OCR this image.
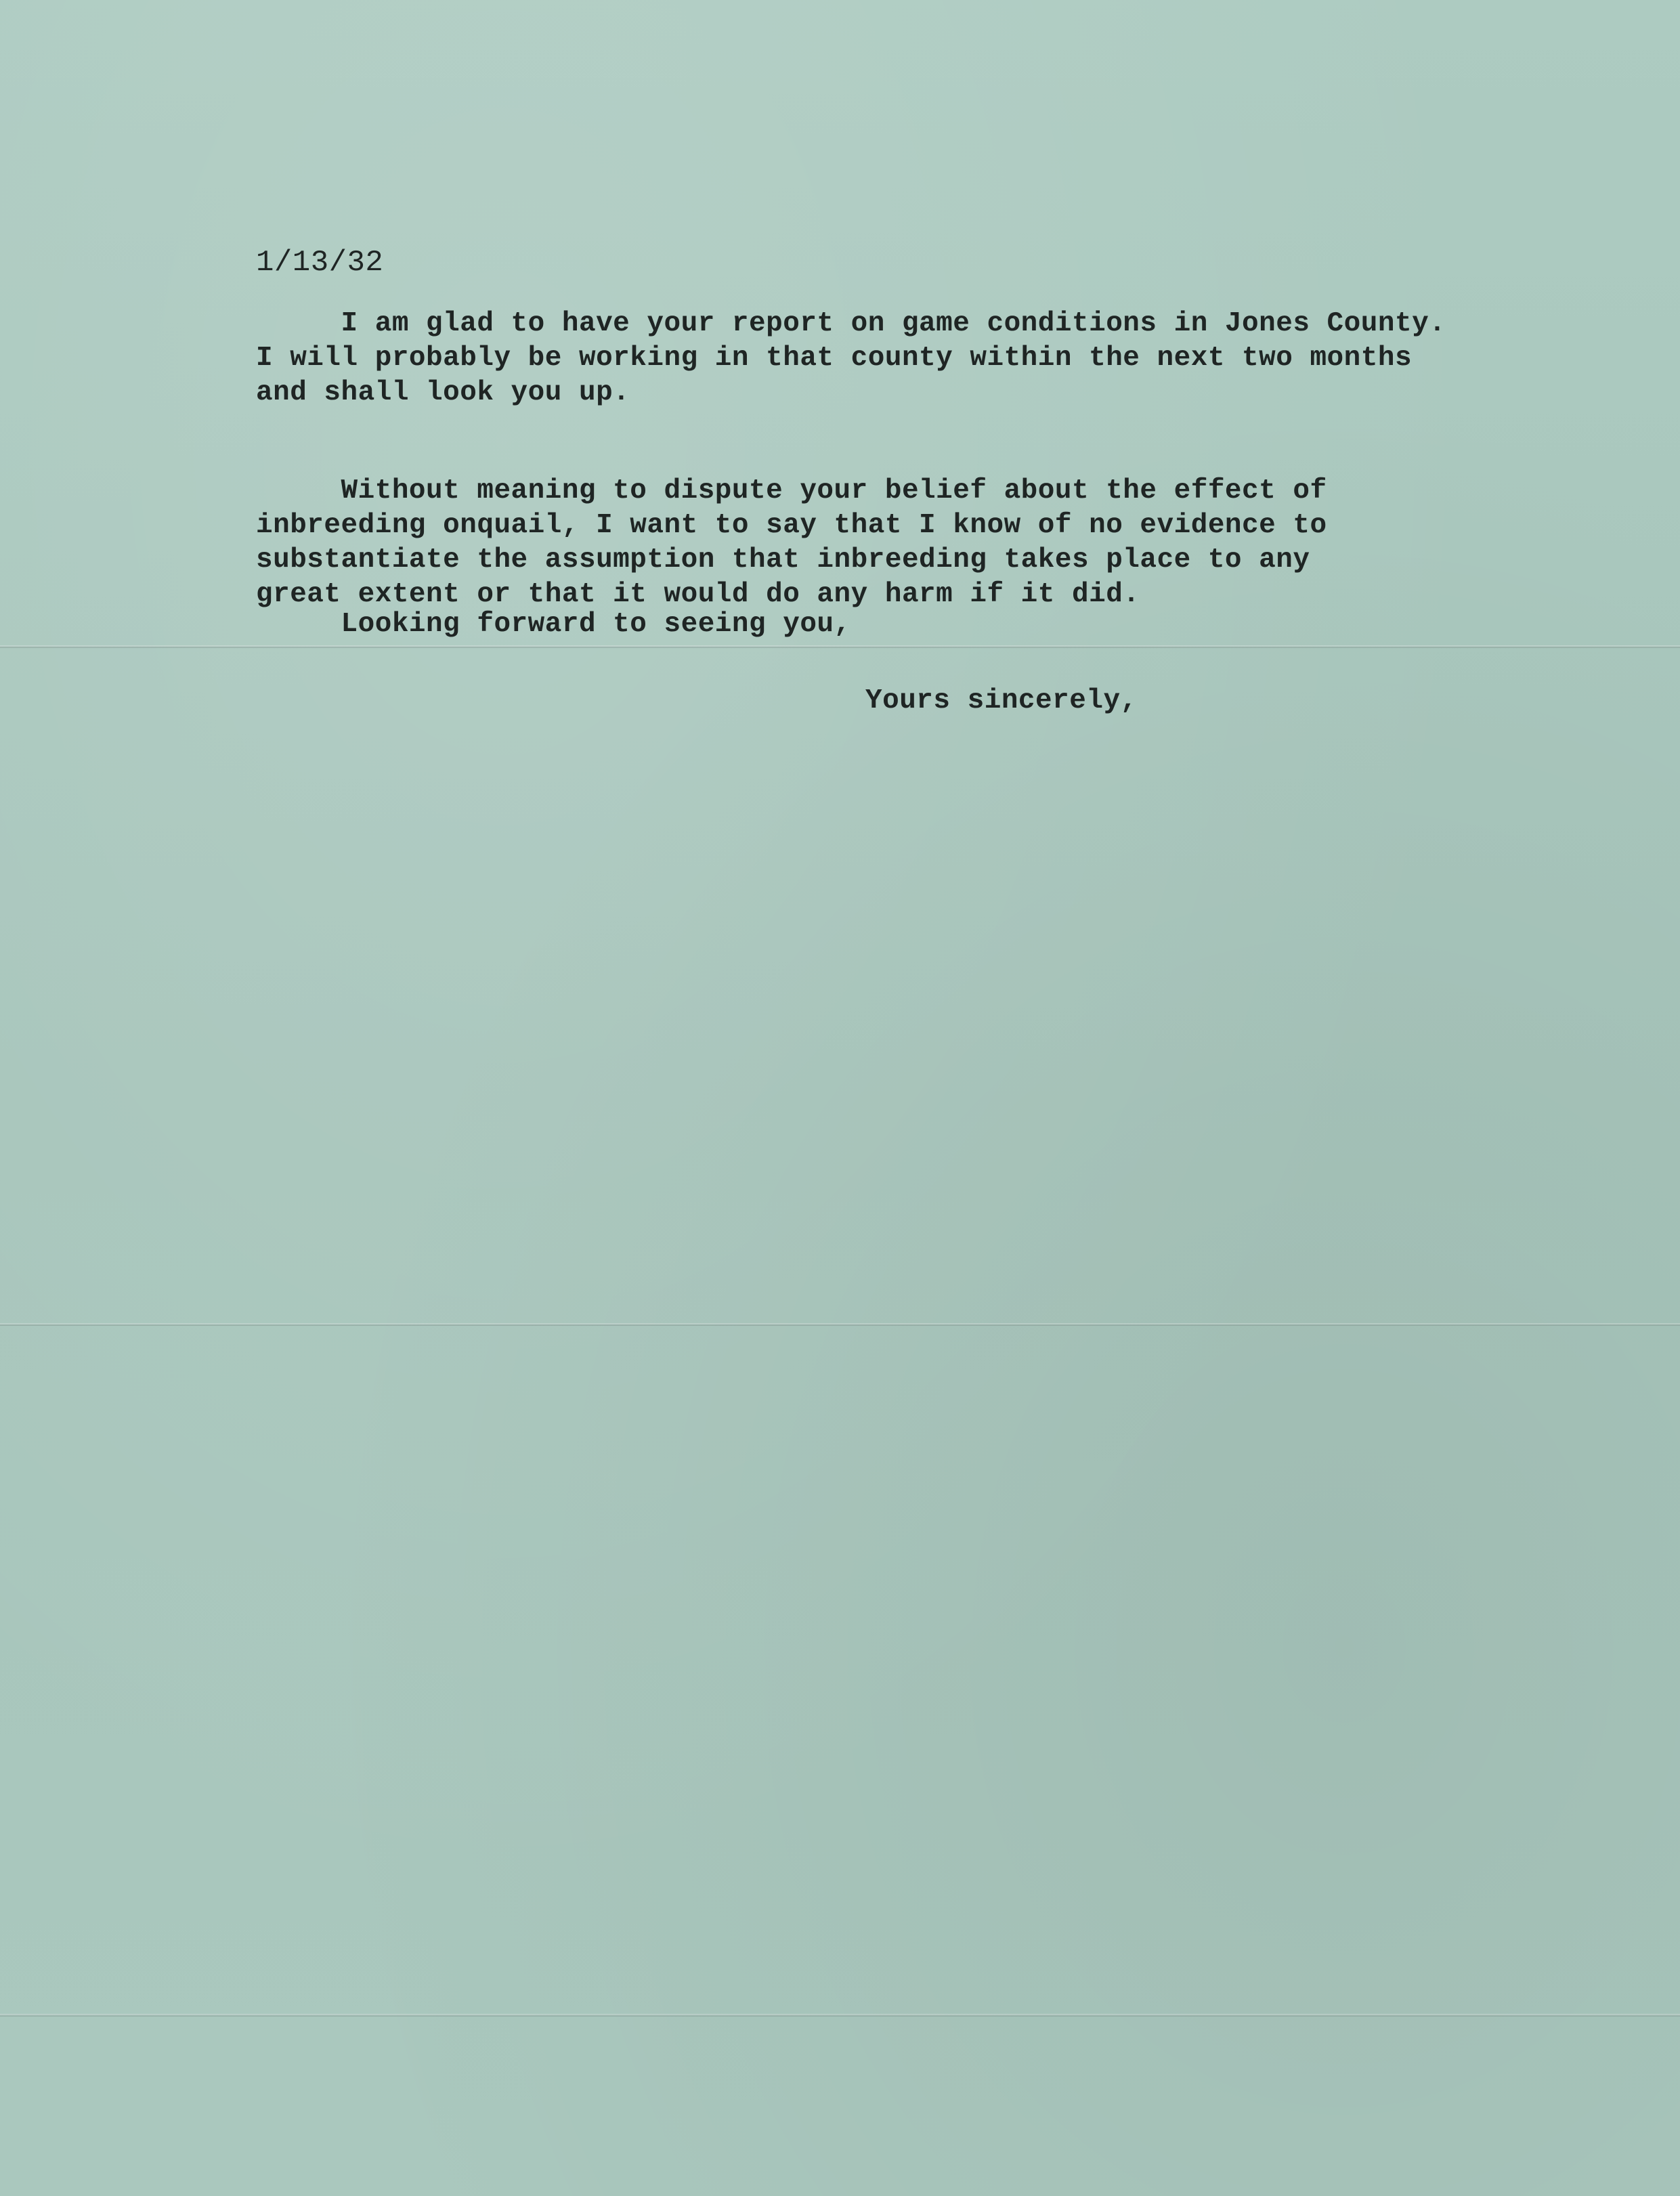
1/13/32
I am glad to have your report on game conditions in Jones County.
I will probably be working in that county within the next two months
and shall look you up.
Without meaning to dispute your belief about the effect of
inbreeding onquail, I want to say that I know of no evidence to
substantiate the assumption that inbreeding takes place to any
great extent or that it would do any harm if it did.
Looking forward to seeing you,
Yours sincerely,
